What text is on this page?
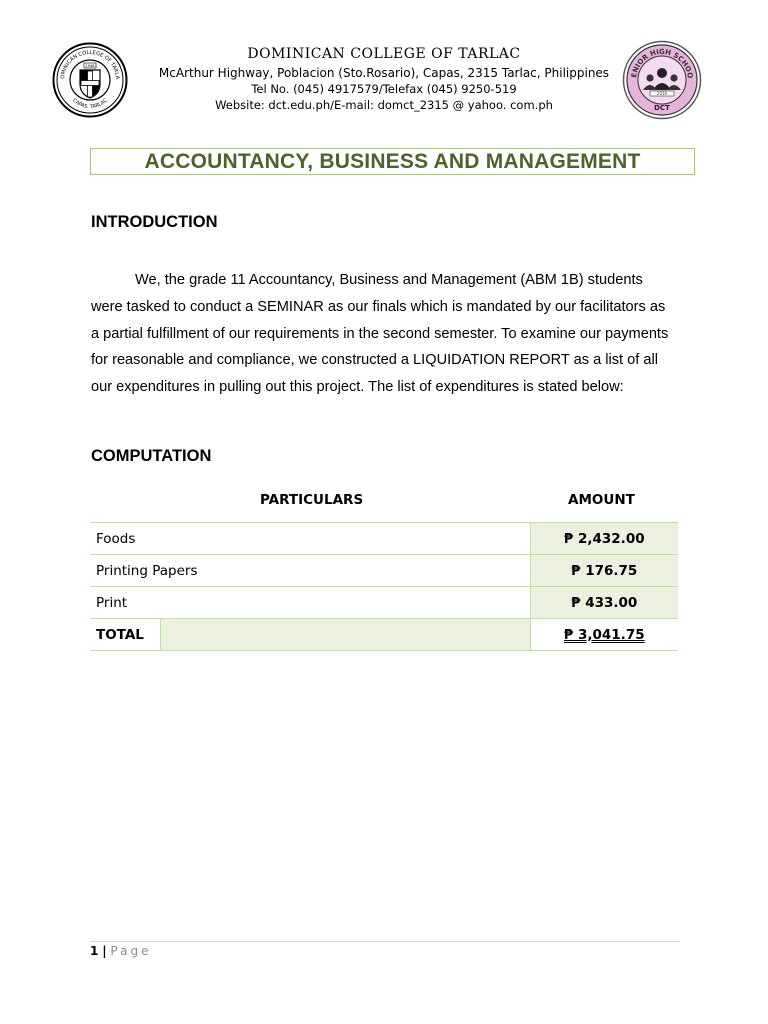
OMINICAN COLLEGE OF TARLA
CAPAS, TARLAC
1946
DOMINICAN COLLEGE OF TARLAC
McArthur Highway, Poblacion (Sto.Rosario), Capas, 2315 Tarlac, Philippines
Tel No. (045) 4917579/Telefax (045) 9250-519
Website: dct.edu.ph/E-mail: domct_2315 @ yahoo. com.ph
ENIOR HIGH SCHOO
2016
DCT
ACCOUNTANCY, BUSINESS AND MANAGEMENT
INTRODUCTION
We, the grade 11 Accountancy, Business and Management (ABM 1B) students
were tasked to conduct a SEMINAR as our finals which is mandated by our facilitators as
a partial fulfillment of our requirements in the second semester. To examine our payments
for reasonable and compliance, we constructed a LIQUIDATION REPORT as a list of all
our expenditures in pulling out this project. The list of expenditures is stated below:
COMPUTATION
PARTICULARS	AMOUNT
Foods		₱ 2,432.00
Printing Papers		₱ 176.75
Print		₱ 433.00
TOTAL		₱ 3,041.75
1 | Page
